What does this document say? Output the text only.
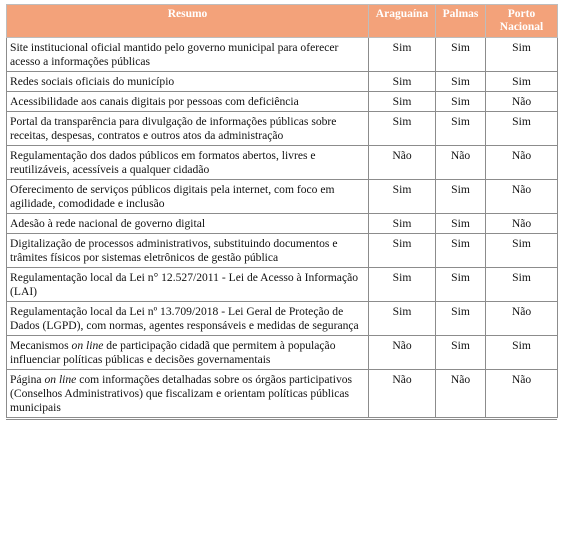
Resumo	Araguaína	Palmas	Porto Nacional
Site institucional oficial mantido pelo governo municipal para oferecer acesso a informações públicas	Sim	Sim	Sim
Redes sociais oficiais do município	Sim	Sim	Sim
Acessibilidade aos canais digitais por pessoas com deficiência	Sim	Sim	Não
Portal da transparência para divulgação de informações públicas sobre receitas, despesas, contratos e outros atos da administração	Sim	Sim	Sim
Regulamentação dos dados públicos em formatos abertos, livres e reutilizáveis, acessíveis a qualquer cidadão	Não	Não	Não
Oferecimento de serviços públicos digitais pela internet, com foco em agilidade, comodidade e inclusão	Sim	Sim	Não
Adesão à rede nacional de governo digital	Sim	Sim	Não
Digitalização de processos administrativos, substituindo documentos e trâmites físicos por sistemas eletrônicos de gestão pública	Sim	Sim	Sim
Regulamentação local da Lei n° 12.527/2011 - Lei de Acesso à Informação (LAI)	Sim	Sim	Sim
Regulamentação local da Lei nº 13.709/2018 - Lei Geral de Proteção de Dados (LGPD), com normas, agentes responsáveis e medidas de segurança	Sim	Sim	Não
Mecanismos on line de participação cidadã que permitem à população influenciar políticas públicas e decisões governamentais	Não	Sim	Sim
Página on line com informações detalhadas sobre os órgãos participativos (Conselhos Administrativos) que fiscalizam e orientam políticas públicas municipais	Não	Não	Não
